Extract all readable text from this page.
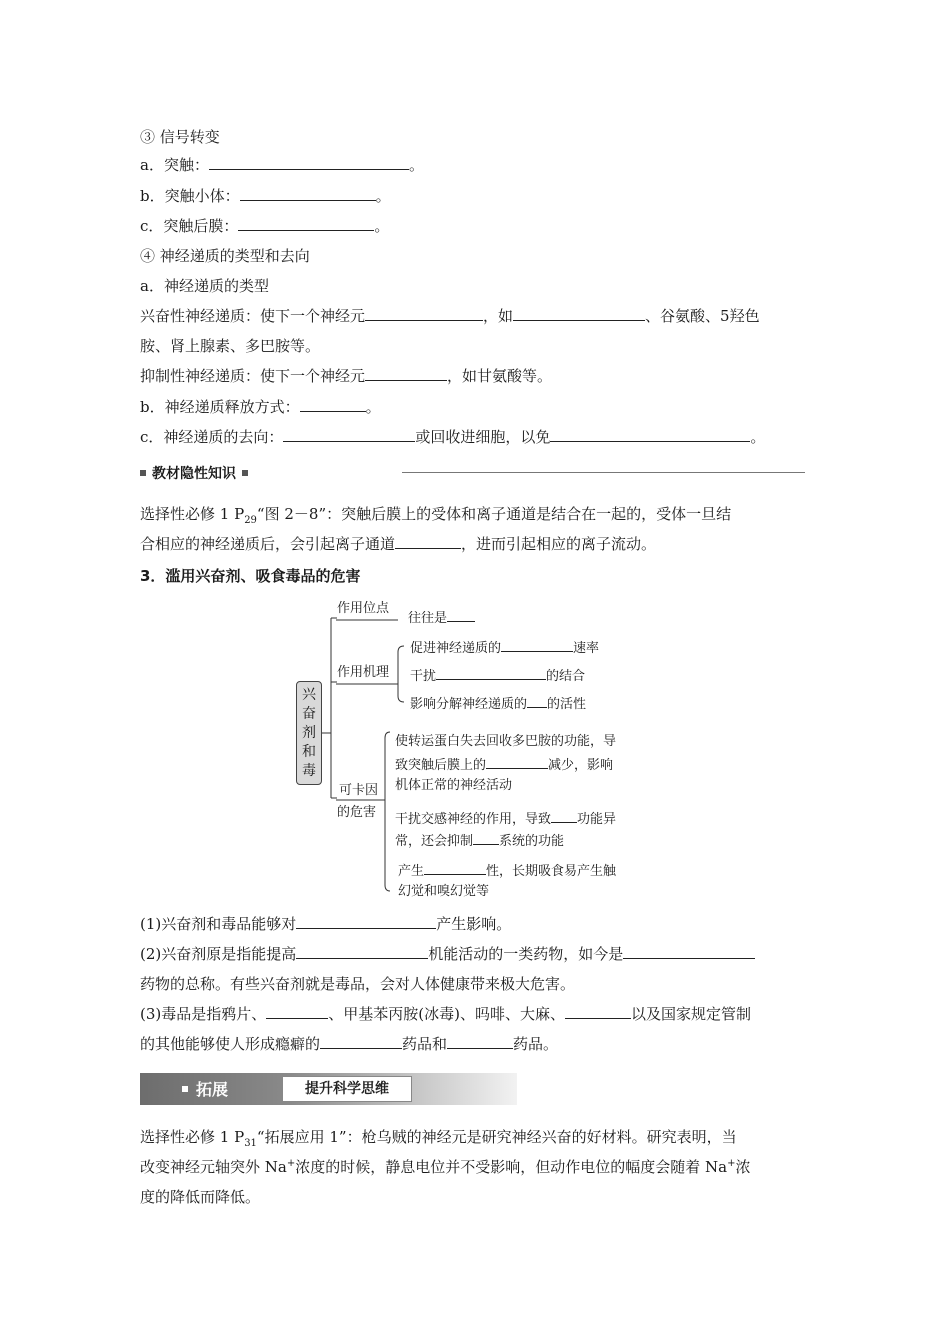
③ 信号转变
a．突触：	。
b．突触小体：	。
c．突触后膜：	。
④ 神经递质的类型和去向
a．神经递质的类型
兴奋性神经递质：使下一个神经元	，如	、谷氨酸、5羟色
胺、肾上腺素、多巴胺等。
抑制性神经递质：使下一个神经元	，如甘氨酸等。
b．神经递质释放方式：	。
c．神经递质的去向：	或回收进细胞，以免	。
教材隐性知识
选择性必修 1 $P_{29}“$图 2－8”：突触后膜上的受体和离子通道是结合在一起的，受体一旦结
合相应的神经递质后，会引起离子通道	，进而引起相应的离子流动。
3．滥用兴奋剂、吸食毒品的危害
兴
奋
剂
和
毒
作用位点
往往是
作用机理
促进神经递质的	速率
干扰	的结合
影响分解神经递质的 的活性
可卡因
的危害
使转运蛋白失去回收多巴胺的功能，导
致突触后膜上的	减少，影响
机体正常的神经活动
干扰交感神经的作用，导致 功能异
常，还会抑制 系统的功能
产生	性，长期吸食易产生触
幻觉和嗅幻觉等
(1)兴奋剂和毒品能够对	产生影响。
(2)兴奋剂原是指能提高	机能活动的一类药物，如今是
药物的总称。有些兴奋剂就是毒品，会对人体健康带来极大危害。
(3)毒品是指鸦片、	、甲基苯丙胺(冰毒)、吗啡、大麻、	以及国家规定管制
的其他能够使人形成瘾癖的	药品和	药品。
拓展	提升科学思维
选择性必修 1 $P_{31}“$拓展应用 1”：枪乌贼的神经元是研究神经兴奋的好材料。研究表明，当
改变神经元轴突外 Na+浓度的时候，静息电位并不受影响，但动作电位的幅度会随着 Na+浓
度的降低而降低。
